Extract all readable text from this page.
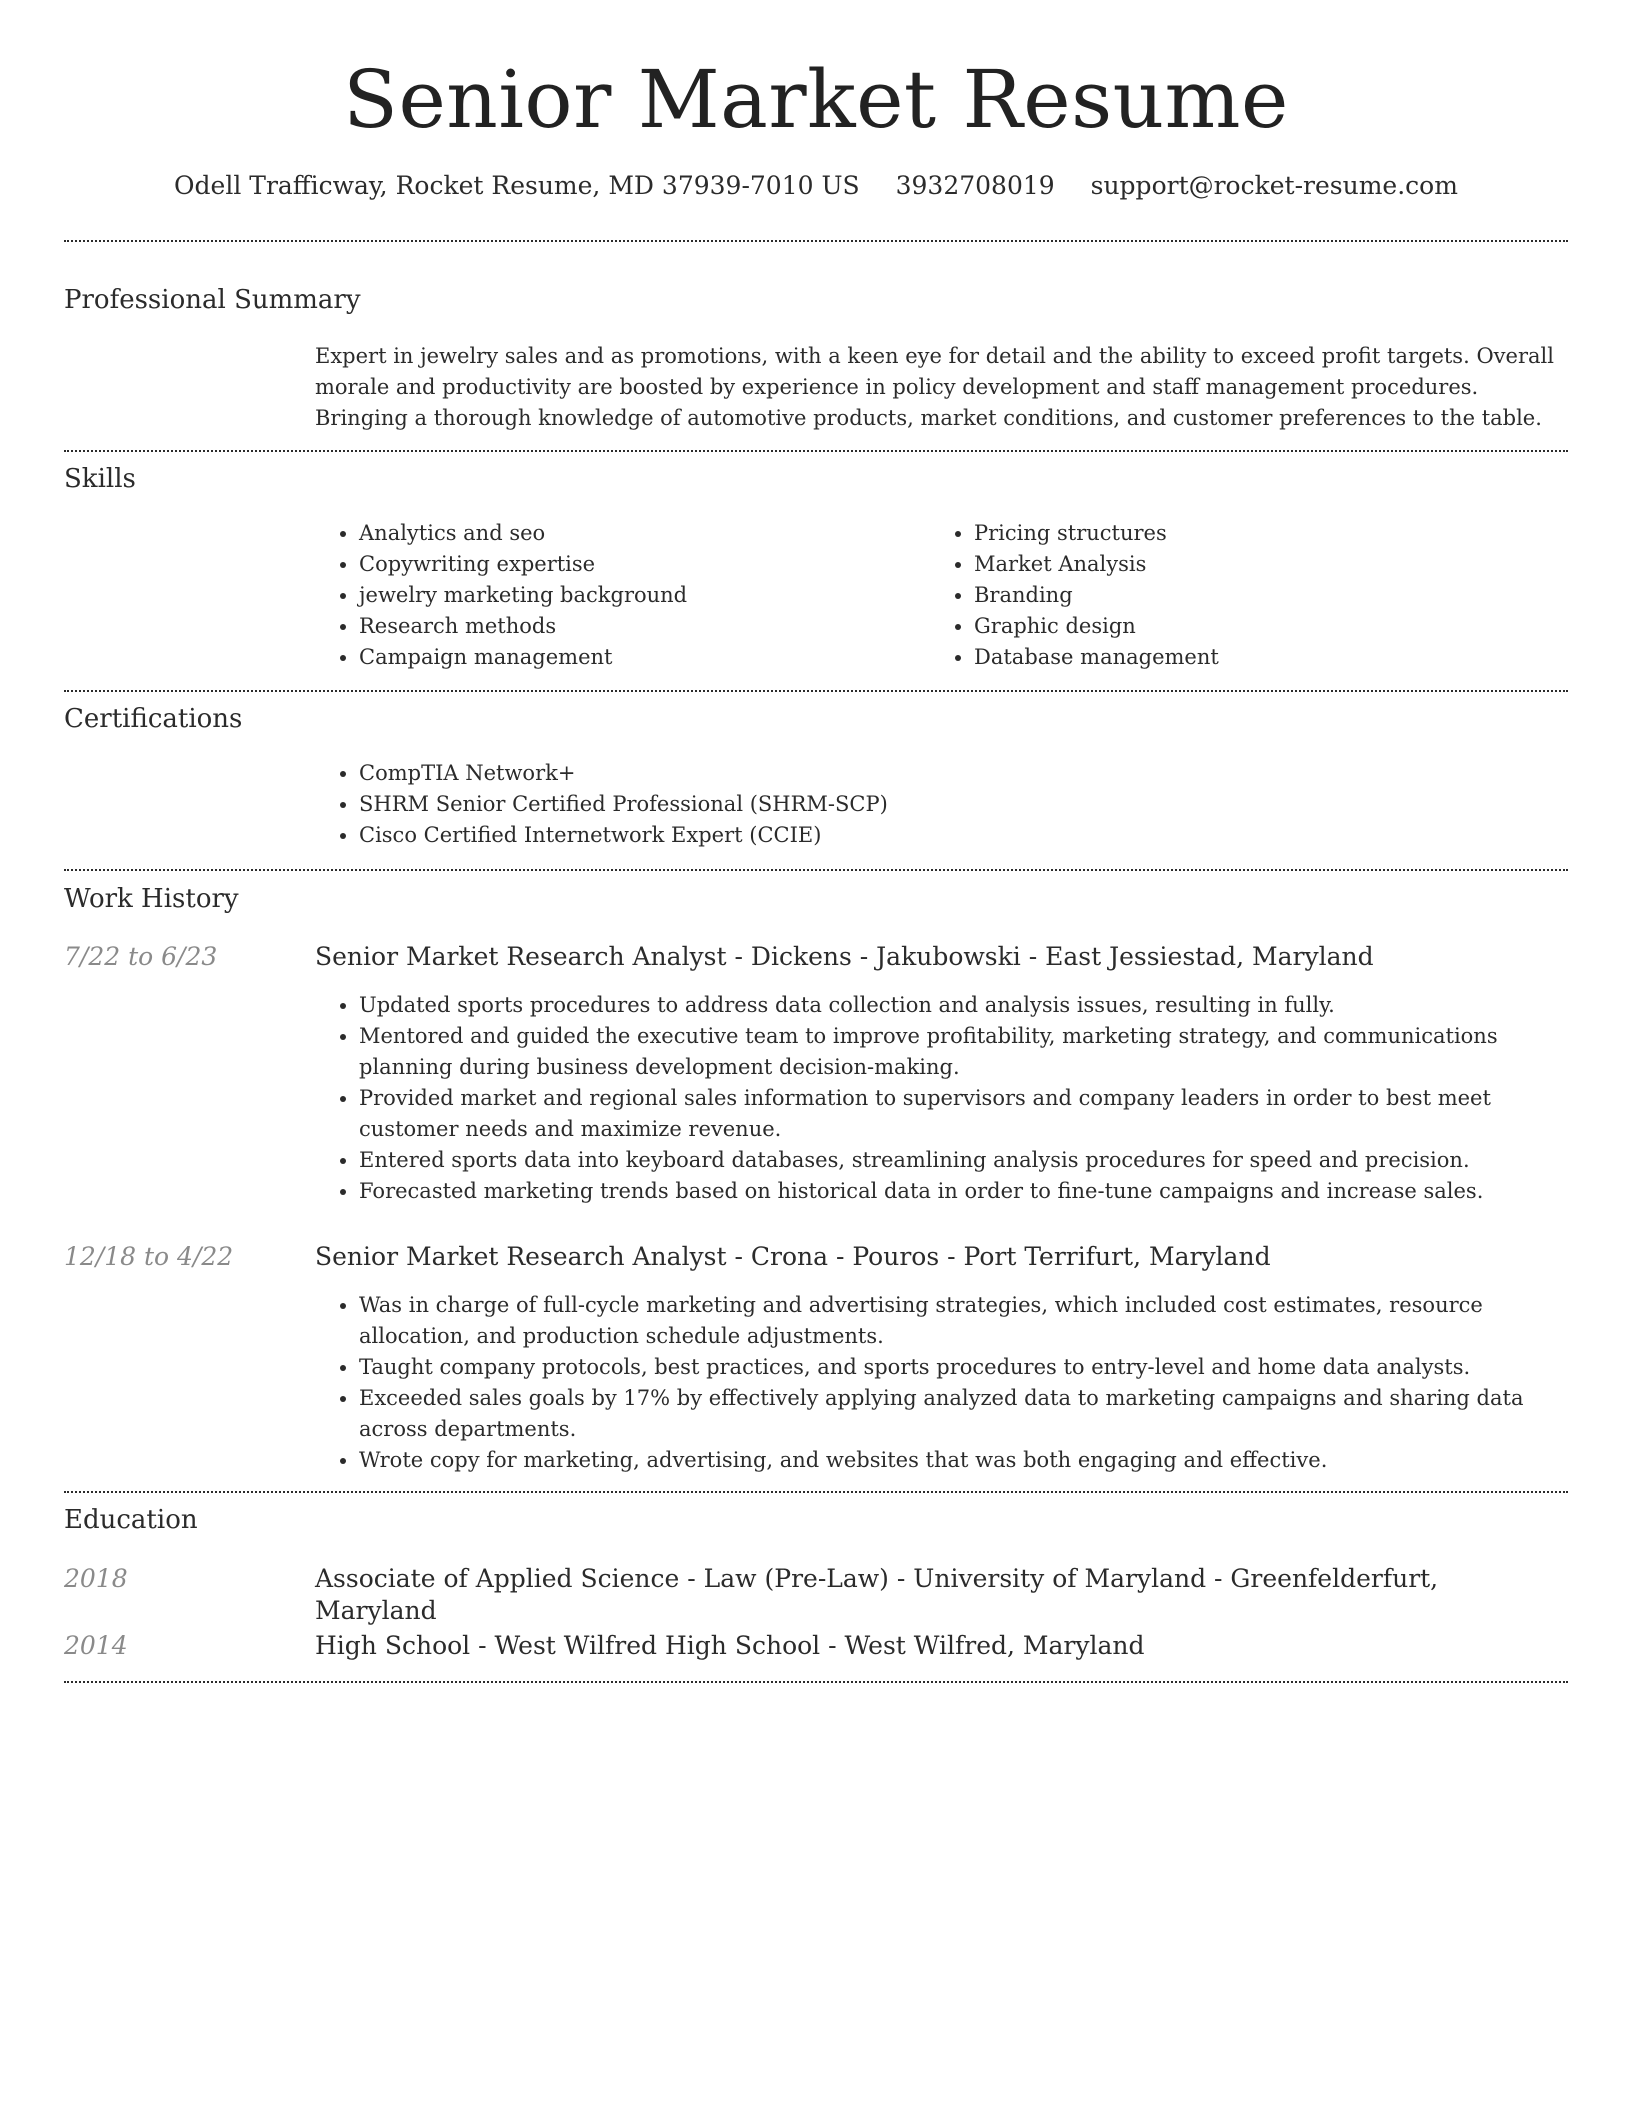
Senior Market Resume
Odell Trafficway, Rocket Resume, MD 37939-7010 US 3932708019 support@rocket-resume.com
Professional Summary
Expert in jewelry sales and as promotions, with a keen eye for detail and the ability to exceed profit targets. Overall morale and productivity are boosted by experience in policy development and staff management procedures. Bringing a thorough knowledge of automotive products, market conditions, and customer preferences to the table.
Skills
• Analytics and seo
• Copywriting expertise
• jewelry marketing background
• Research methods
• Campaign management
• Pricing structures
• Market Analysis
• Branding
• Graphic design
• Database management
Certifications
• CompTIA Network+
• SHRM Senior Certified Professional (SHRM-SCP)
• Cisco Certified Internetwork Expert (CCIE)
Work History
7/22 to 6/23	Senior Market Research Analyst - Dickens - Jakubowski - East Jessiestad, Maryland
• Updated sports procedures to address data collection and analysis issues, resulting in fully.
• Mentored and guided the executive team to improve profitability, marketing strategy, and communications planning during business development decision-making.
• Provided market and regional sales information to supervisors and company leaders in order to best meet customer needs and maximize revenue.
• Entered sports data into keyboard databases, streamlining analysis procedures for speed and precision.
• Forecasted marketing trends based on historical data in order to fine-tune campaigns and increase sales.
12/18 to 4/22	Senior Market Research Analyst - Crona - Pouros - Port Terrifurt, Maryland
• Was in charge of full-cycle marketing and advertising strategies, which included cost estimates, resource allocation, and production schedule adjustments.
• Taught company protocols, best practices, and sports procedures to entry-level and home data analysts.
• Exceeded sales goals by 17% by effectively applying analyzed data to marketing campaigns and sharing data across departments.
• Wrote copy for marketing, advertising, and websites that was both engaging and effective.
Education
2018	Associate of Applied Science - Law (Pre-Law) - University of Maryland - Greenfelderfurt, Maryland
2014	High School - West Wilfred High School - West Wilfred, Maryland
